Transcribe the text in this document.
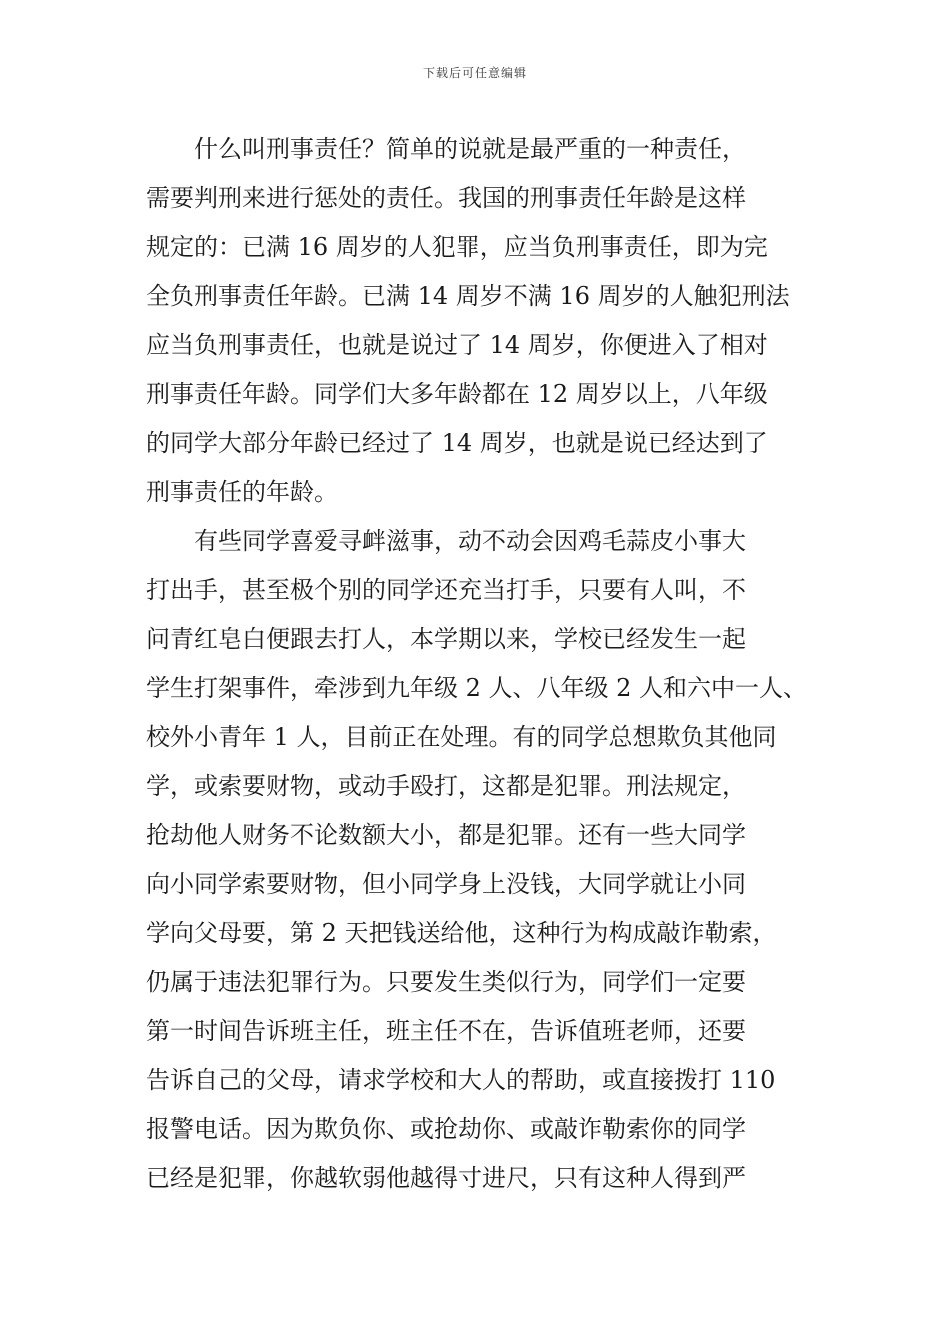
下载后可任意编辑
什么叫刑事责任？简单的说就是最严重的一种责任，
需要判刑来进行惩处的责任。我国的刑事责任年龄是这样
规定的：已满 16 周岁的人犯罪，应当负刑事责任，即为完
全负刑事责任年龄。已满 14 周岁不满 16 周岁的人触犯刑法
应当负刑事责任，也就是说过了 14 周岁，你便进入了相对
刑事责任年龄。同学们大多年龄都在 12 周岁以上，八年级
的同学大部分年龄已经过了 14 周岁，也就是说已经达到了
刑事责任的年龄。
有些同学喜爱寻衅滋事，动不动会因鸡毛蒜皮小事大
打出手，甚至极个别的同学还充当打手，只要有人叫，不
问青红皂白便跟去打人，本学期以来，学校已经发生一起
学生打架事件，牵涉到九年级 2 人、八年级 2 人和六中一人、
校外小青年 1 人，目前正在处理。有的同学总想欺负其他同
学，或索要财物，或动手殴打，这都是犯罪。刑法规定，
抢劫他人财务不论数额大小，都是犯罪。还有一些大同学
向小同学索要财物，但小同学身上没钱，大同学就让小同
学向父母要，第 2 天把钱送给他，这种行为构成敲诈勒索，
仍属于违法犯罪行为。只要发生类似行为，同学们一定要
第一时间告诉班主任，班主任不在，告诉值班老师，还要
告诉自己的父母，请求学校和大人的帮助，或直接拨打 110
报警电话。因为欺负你、或抢劫你、或敲诈勒索你的同学
已经是犯罪，你越软弱他越得寸进尺，只有这种人得到严
